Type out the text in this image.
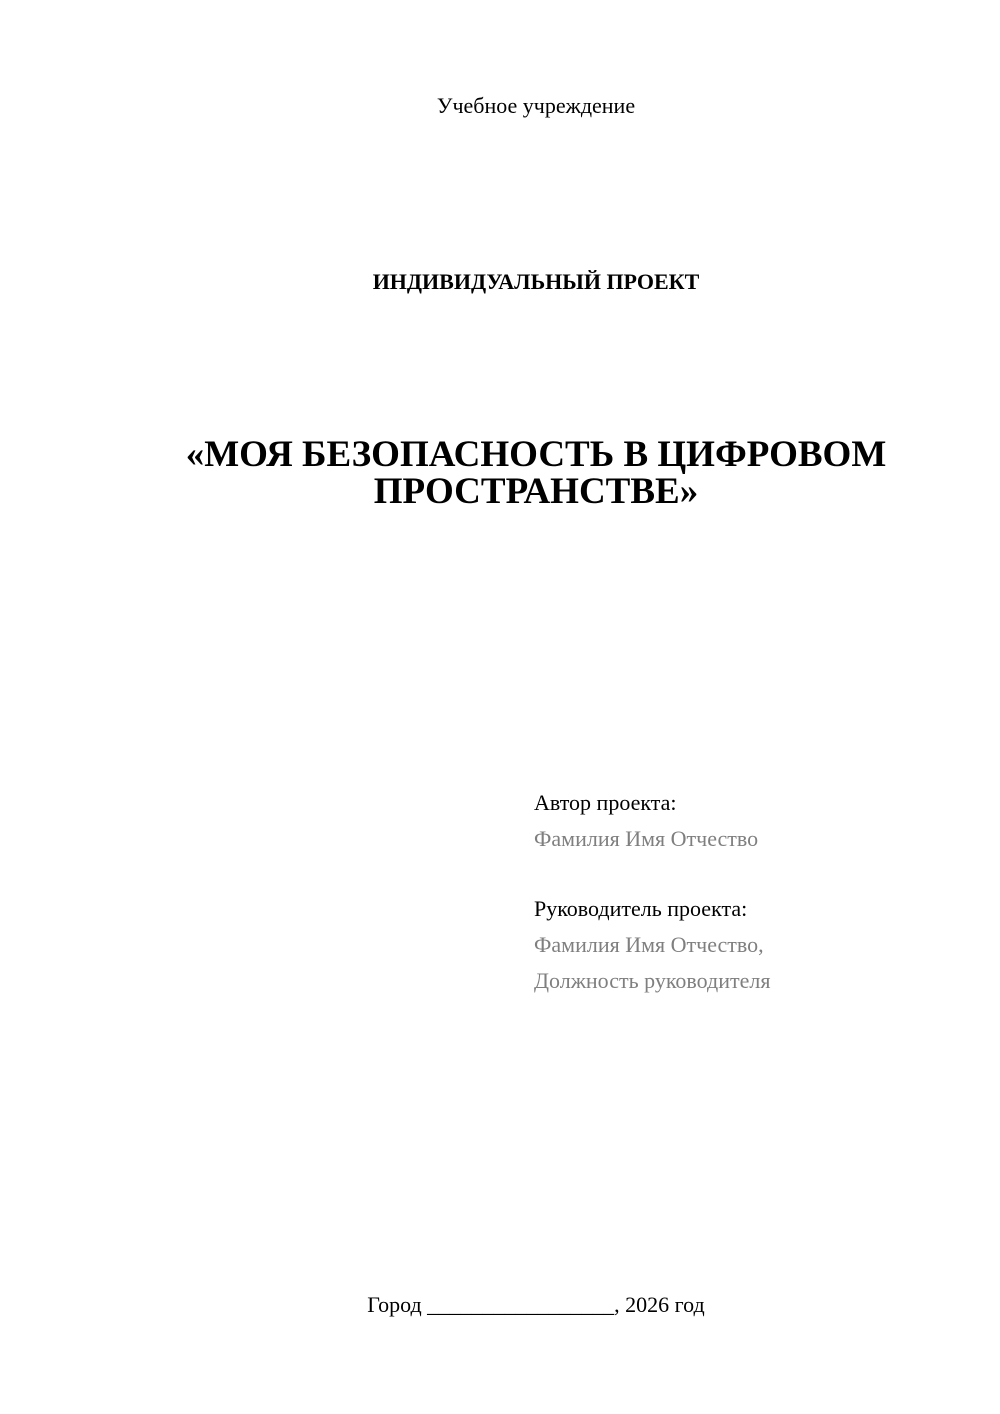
Учебное учреждение
ИНДИВИДУАЛЬНЫЙ ПРОЕКТ
«МОЯ БЕЗОПАСНОСТЬ В ЦИФРОВОМ
ПРОСТРАНСТВЕ»
Автор проекта:
Фамилия Имя Отчество
Руководитель проекта:
Фамилия Имя Отчество,
Должность руководителя
Город _________________, 2026 год
